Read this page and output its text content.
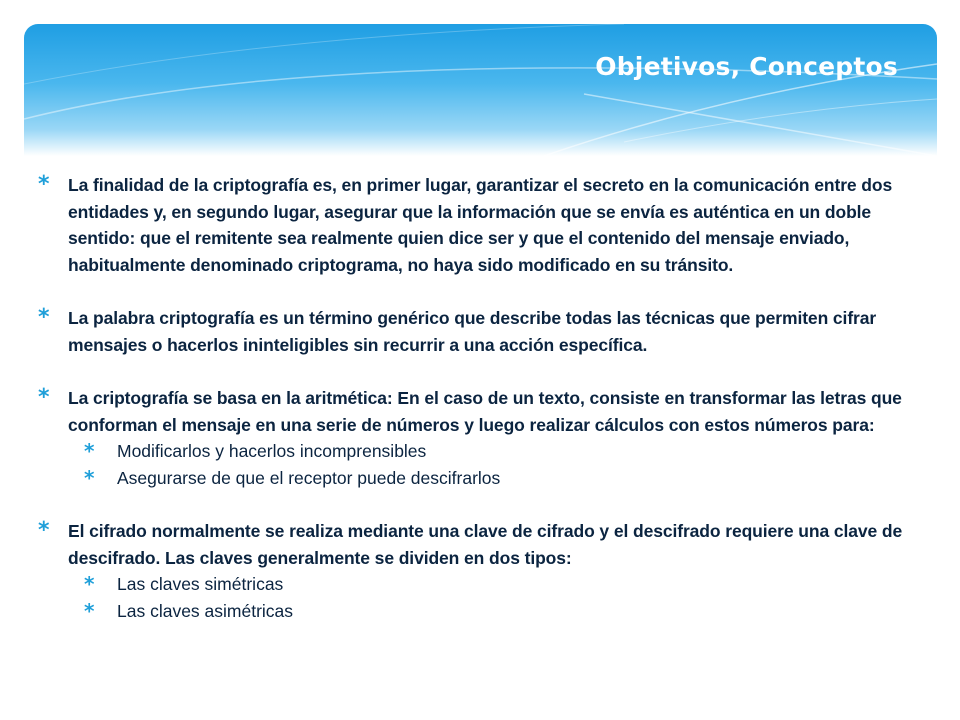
Objetivos, Conceptos
*	La finalidad de la criptografía es, en primer lugar, garantizar el secreto en la comunicación entre dos entidades y, en segundo lugar, asegurar que la información que se envía es auténtica en un doble sentido: que el remitente sea realmente quien dice ser y que el contenido del mensaje enviado, habitualmente denominado criptograma, no haya sido modificado en su tránsito.
*	La palabra criptografía es un término genérico que describe todas las técnicas que permiten cifrar mensajes o hacerlos ininteligibles sin recurrir a una acción específica.
*	La criptografía se basa en la aritmética: En el caso de un texto, consiste en transformar las letras que conforman el mensaje en una serie de números y luego realizar cálculos con estos números para:
*	Modificarlos y hacerlos incomprensibles
*	Asegurarse de que el receptor puede descifrarlos
*	El cifrado normalmente se realiza mediante una clave de cifrado y el descifrado requiere una clave de descifrado. Las claves generalmente se dividen en dos tipos:
*	Las claves simétricas
*	Las claves asimétricas
